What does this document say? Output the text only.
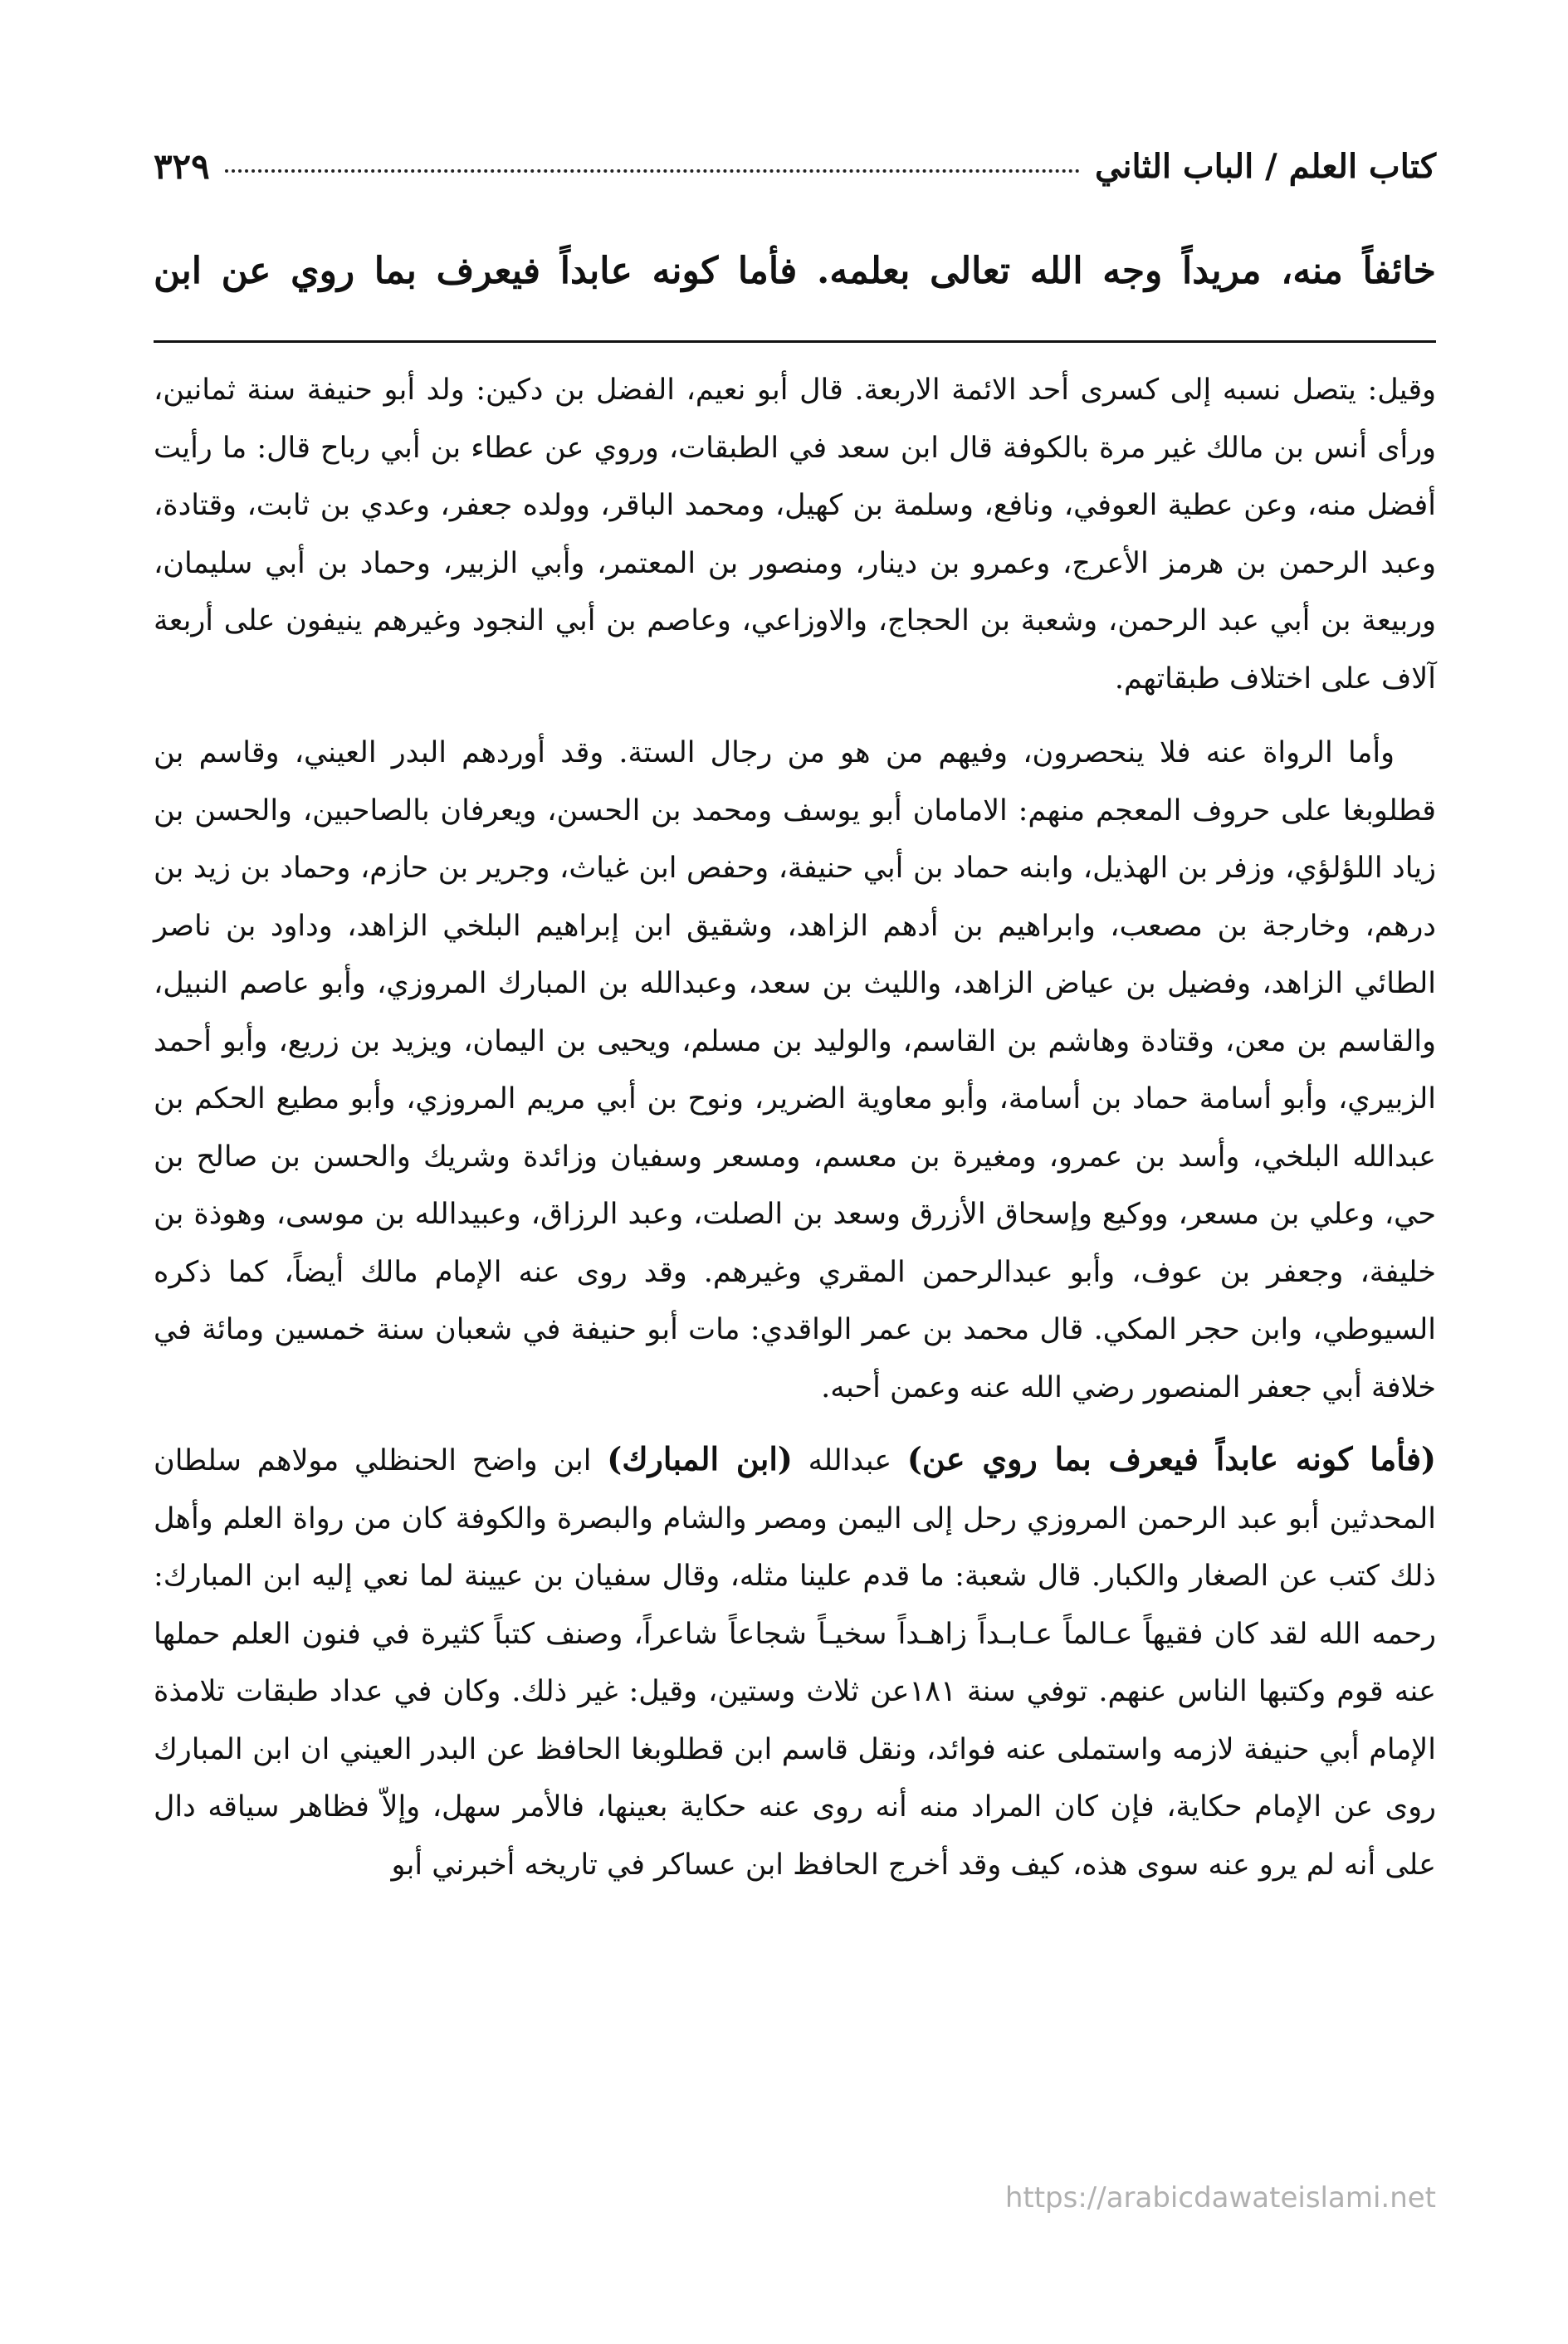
كتاب العلم / الباب الثاني
٣٢٩
خائفاً منه، مريداً وجه الله تعالى بعلمه. فأما كونه عابداً فيعرف بما روي عن ابن

وقيل: يتصل نسبه إلى كسرى أحد الائمة الاربعة. قال أبو نعيم، الفضل بن دكين: ولد أبو حنيفة سنة ثمانين، ورأى أنس بن مالك غير مرة بالكوفة قال ابن سعد في الطبقات، وروي عن عطاء بن أبي رباح قال: ما رأيت أفضل منه، وعن عطية العوفي، ونافع، وسلمة بن كهيل، ومحمد الباقر، وولده جعفر، وعدي بن ثابت، وقتادة، وعبد الرحمن بن هرمز الأعرج، وعمرو بن دينار، ومنصور بن المعتمر، وأبي الزبير، وحماد بن أبي سليمان، وربيعة بن أبي عبد الرحمن، وشعبة بن الحجاج، والاوزاعي، وعاصم بن أبي النجود وغيرهم ينيفون على أربعة آلاف على اختلاف طبقاتهم.

وأما الرواة عنه فلا ينحصرون، وفيهم من هو من رجال الستة. وقد أوردهم البدر العيني، وقاسم بن قطلوبغا على حروف المعجم منهم: الامامان أبو يوسف ومحمد بن الحسن، ويعرفان بالصاحبين، والحسن بن زياد اللؤلؤي، وزفر بن الهذيل، وابنه حماد بن أبي حنيفة، وحفص ابن غياث، وجرير بن حازم، وحماد بن زيد بن درهم، وخارجة بن مصعب، وابراهيم بن أدهم الزاهد، وشقيق ابن إبراهيم البلخي الزاهد، وداود بن ناصر الطائي الزاهد، وفضيل بن عياض الزاهد، والليث بن سعد، وعبدالله بن المبارك المروزي، وأبو عاصم النبيل، والقاسم بن معن، وقتادة وهاشم بن القاسم، والوليد بن مسلم، ويحيى بن اليمان، ويزيد بن زريع، وأبو أحمد الزبيري، وأبو أسامة حماد بن أسامة، وأبو معاوية الضرير، ونوح بن أبي مريم المروزي، وأبو مطيع الحكم بن عبدالله البلخي، وأسد بن عمرو، ومغيرة بن معسم، ومسعر وسفيان وزائدة وشريك والحسن بن صالح بن حي، وعلي بن مسعر، ووكيع وإسحاق الأزرق وسعد بن الصلت، وعبد الرزاق، وعبيدالله بن موسى، وهوذة بن خليفة، وجعفر بن عوف، وأبو عبدالرحمن المقري وغيرهم. وقد روى عنه الإمام مالك أيضاً، كما ذكره السيوطي، وابن حجر المكي. قال محمد بن عمر الواقدي: مات أبو حنيفة في شعبان سنة خمسين ومائة في خلافة أبي جعفر المنصور رضي الله عنه وعمن أحبه.

(فأما كونه عابداً فيعرف بما روي عن) عبدالله (ابن المبارك) ابن واضح الحنظلي مولاهم سلطان المحدثين أبو عبد الرحمن المروزي رحل إلى اليمن ومصر والشام والبصرة والكوفة كان من رواة العلم وأهل ذلك كتب عن الصغار والكبار. قال شعبة: ما قدم علينا مثله، وقال سفيان بن عيينة لما نعي إليه ابن المبارك: رحمه الله لقد كان فقيهاً عـالماً عـابـداً زاهـداً سخيـاً شجاعاً شاعراً، وصنف كتباً كثيرة في فنون العلم حملها عنه قوم وكتبها الناس عنهم. توفي سنة ١٨١عن ثلاث وستين، وقيل: غير ذلك. وكان في عداد طبقات تلامذة الإمام أبي حنيفة لازمه واستملى عنه فوائد، ونقل قاسم ابن قطلوبغا الحافظ عن البدر العيني ان ابن المبارك روى عن الإمام حكاية، فإن كان المراد منه أنه روى عنه حكاية بعينها، فالأمر سهل، وإلاّ فظاهر سياقه دال على أنه لم يرو عنه سوى هذه، كيف وقد أخرج الحافظ ابن عساكر في تاريخه أخبرني أبو

https://arabicdawateislami.net
